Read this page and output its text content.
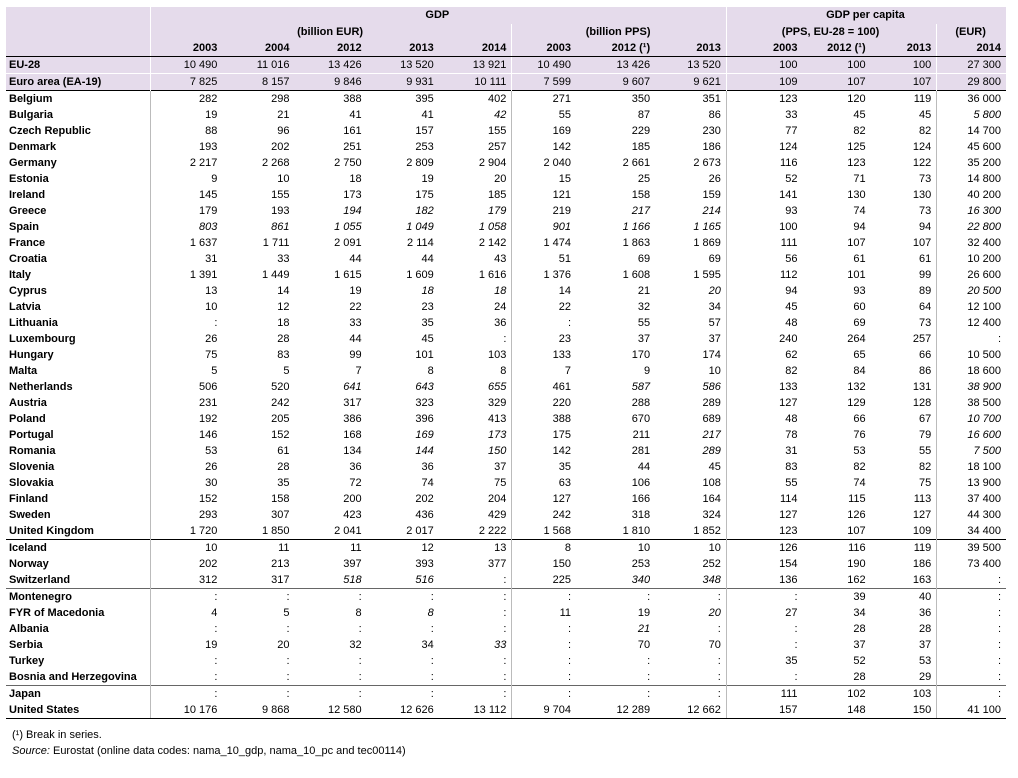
	GDP								GDP per capita			
	(billion EUR)					(billion PPS)			(PPS, EU-28 = 100)			(EUR)
	2003	2004	2012	2013	2014	2003	2012 (¹)	2013	2003	2012 (¹)	2013	2014
EU-28	10 490	11 016	13 426	13 520	13 921	10 490	13 426	13 520	100	100	100	27 300
Euro area (EA-19)	7 825	8 157	9 846	9 931	10 111	7 599	9 607	9 621	109	107	107	29 800
Belgium	282	298	388	395	402	271	350	351	123	120	119	36 000
Bulgaria	19	21	41	41	42	55	87	86	33	45	45	5 800
Czech Republic	88	96	161	157	155	169	229	230	77	82	82	14 700
Denmark	193	202	251	253	257	142	185	186	124	125	124	45 600
Germany	2 217	2 268	2 750	2 809	2 904	2 040	2 661	2 673	116	123	122	35 200
Estonia	9	10	18	19	20	15	25	26	52	71	73	14 800
Ireland	145	155	173	175	185	121	158	159	141	130	130	40 200
Greece	179	193	194	182	179	219	217	214	93	74	73	16 300
Spain	803	861	1 055	1 049	1 058	901	1 166	1 165	100	94	94	22 800
France	1 637	1 711	2 091	2 114	2 142	1 474	1 863	1 869	111	107	107	32 400
Croatia	31	33	44	44	43	51	69	69	56	61	61	10 200
Italy	1 391	1 449	1 615	1 609	1 616	1 376	1 608	1 595	112	101	99	26 600
Cyprus	13	14	19	18	18	14	21	20	94	93	89	20 500
Latvia	10	12	22	23	24	22	32	34	45	60	64	12 100
Lithuania	:	18	33	35	36	:	55	57	48	69	73	12 400
Luxembourg	26	28	44	45	:	23	37	37	240	264	257	:
Hungary	75	83	99	101	103	133	170	174	62	65	66	10 500
Malta	5	5	7	8	8	7	9	10	82	84	86	18 600
Netherlands	506	520	641	643	655	461	587	586	133	132	131	38 900
Austria	231	242	317	323	329	220	288	289	127	129	128	38 500
Poland	192	205	386	396	413	388	670	689	48	66	67	10 700
Portugal	146	152	168	169	173	175	211	217	78	76	79	16 600
Romania	53	61	134	144	150	142	281	289	31	53	55	7 500
Slovenia	26	28	36	36	37	35	44	45	83	82	82	18 100
Slovakia	30	35	72	74	75	63	106	108	55	74	75	13 900
Finland	152	158	200	202	204	127	166	164	114	115	113	37 400
Sweden	293	307	423	436	429	242	318	324	127	126	127	44 300
United Kingdom	1 720	1 850	2 041	2 017	2 222	1 568	1 810	1 852	123	107	109	34 400
Iceland	10	11	11	12	13	8	10	10	126	116	119	39 500
Norway	202	213	397	393	377	150	253	252	154	190	186	73 400
Switzerland	312	317	518	516	:	225	340	348	136	162	163	:
Montenegro	:	:	:	:	:	:	:	:	:	39	40	:
FYR of Macedonia	4	5	8	8	:	11	19	20	27	34	36	:
Albania	:	:	:	:	:	:	21	:	:	28	28	:
Serbia	19	20	32	34	33	:	70	70	:	37	37	:
Turkey	:	:	:	:	:	:	:	:	35	52	53	:
Bosnia and Herzegovina	:	:	:	:	:	:	:	:	:	28	29	:
Japan	:	:	:	:	:	:	:	:	111	102	103	:
United States	10 176	9 868	12 580	12 626	13 112	9 704	12 289	12 662	157	148	150	41 100
(¹) Break in series.
Source: Eurostat (online data codes: nama_10_gdp, nama_10_pc and tec00114)
